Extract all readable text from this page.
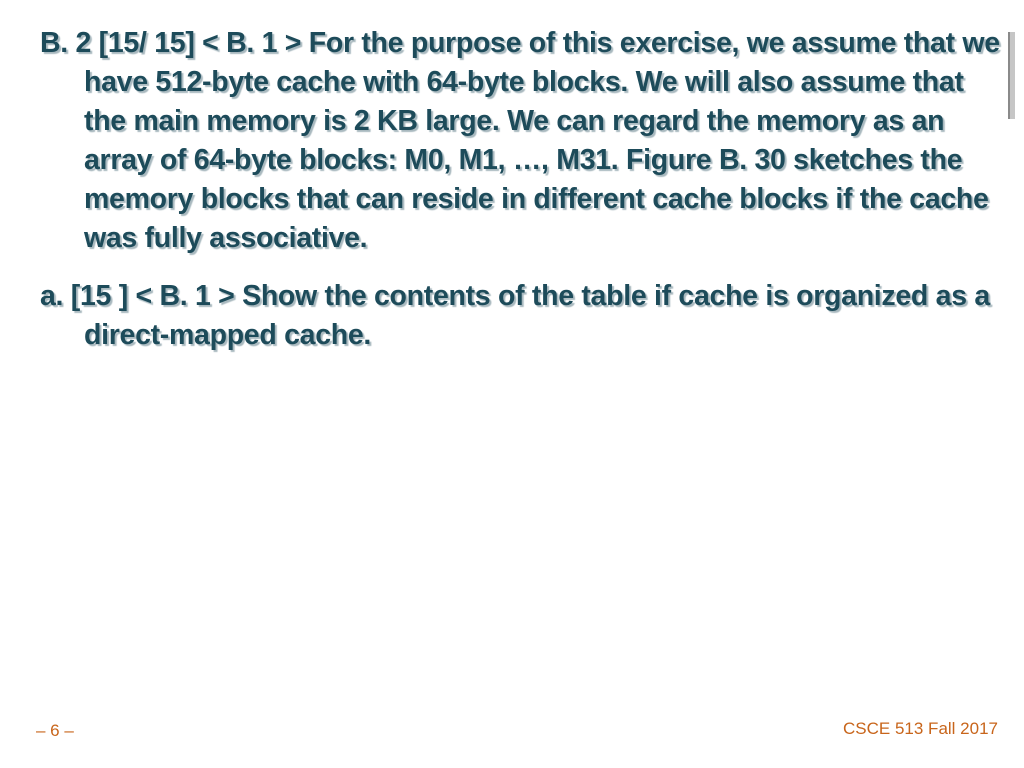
B. 2 [15/ 15] < B. 1 > For the purpose of this exercise, we assume that we have 512-byte cache with 64-byte blocks. We will also assume that the main memory is 2 KB large. We can regard the memory as an array of 64-byte blocks: M0, M1, …, M31. Figure B. 30 sketches the memory blocks that can reside in different cache blocks if the cache was fully associative.

a. [15 ] < B. 1 > Show the contents of the table if cache is organized as a direct-mapped cache.

– 6 –	CSCE 513 Fall 2017
